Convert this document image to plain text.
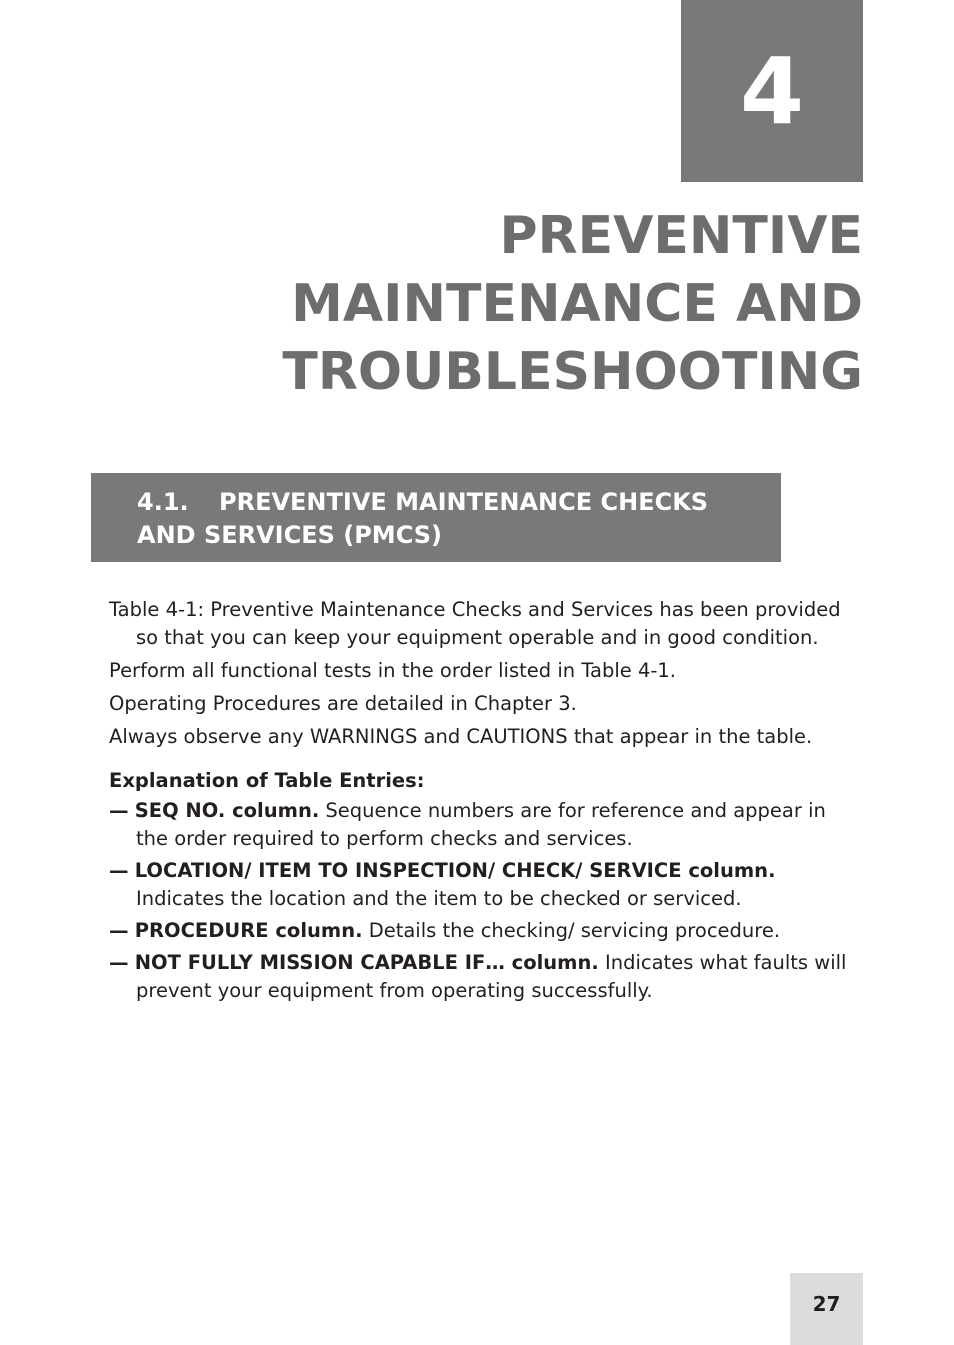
4
PREVENTIVE
MAINTENANCE AND
TROUBLESHOOTING
4.1. PREVENTIVE MAINTENANCE CHECKS
AND SERVICES (PMCS)

Table 4-1: Preventive Maintenance Checks and Services has been provided so that you can keep your equipment operable and in good condition.

Perform all functional tests in the order listed in Table 4-1.

Operating Procedures are detailed in Chapter 3.

Always observe any WARNINGS and CAUTIONS that appear in the table.

Explanation of Table Entries:

— SEQ NO. column. Sequence numbers are for reference and appear in the order required to perform checks and services.
— LOCATION/ ITEM TO INSPECTION/ CHECK/ SERVICE column. Indicates the location and the item to be checked or serviced.
— PROCEDURE column. Details the checking/ servicing procedure.
— NOT FULLY MISSION CAPABLE IF… column. Indicates what faults will prevent your equipment from operating successfully.
27
